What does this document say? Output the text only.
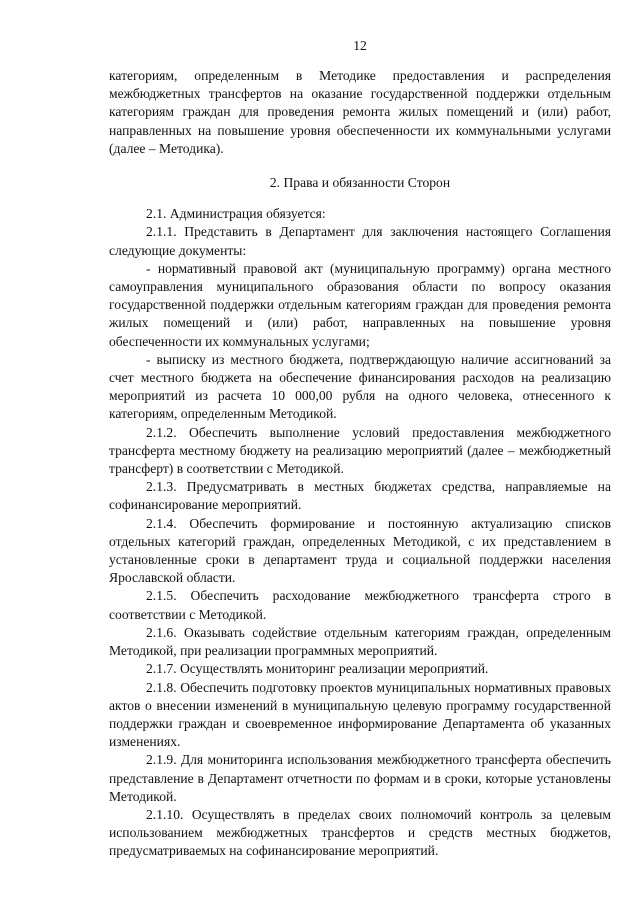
12

категориям, определенным в Методике предоставления и распределения межбюджетных трансфертов на оказание государственной поддержки отдельным категориям граждан для проведения ремонта жилых помещений и (или) работ, направленных на повышение уровня обеспеченности их коммунальными услугами (далее – Методика).

2. Права и обязанности Сторон

2.1. Администрация обязуется:

2.1.1. Представить в Департамент для заключения настоящего Соглашения следующие документы:

- нормативный правовой акт (муниципальную программу) органа местного самоуправления муниципального образования области по вопросу оказания государственной поддержки отдельным категориям граждан для проведения ремонта жилых помещений и (или) работ, направленных на повышение уровня обеспеченности их коммунальных услугами;

- выписку из местного бюджета, подтверждающую наличие ассигнований за счет местного бюджета на обеспечение финансирования расходов на реализацию мероприятий из расчета 10 000,00 рубля на одного человека, отнесенного к категориям, определенным Методикой.

2.1.2. Обеспечить выполнение условий предоставления межбюджетного трансферта местному бюджету на реализацию мероприятий (далее – межбюджетный трансферт) в соответствии с Методикой.

2.1.3. Предусматривать в местных бюджетах средства, направляемые на софинансирование мероприятий.

2.1.4. Обеспечить формирование и постоянную актуализацию списков отдельных категорий граждан, определенных Методикой, с их представлением в установленные сроки в департамент труда и социальной поддержки населения Ярославской области.

2.1.5. Обеспечить расходование межбюджетного трансферта строго в соответствии с Методикой.

2.1.6. Оказывать содействие отдельным категориям граждан, определенным Методикой, при реализации программных мероприятий.

2.1.7. Осуществлять мониторинг реализации мероприятий.

2.1.8. Обеспечить подготовку проектов муниципальных нормативных правовых актов о внесении изменений в муниципальную целевую программу государственной поддержки граждан и своевременное информирование Департамента об указанных изменениях.

2.1.9. Для мониторинга использования межбюджетного трансферта обеспечить представление в Департамент отчетности по формам и в сроки, которые установлены Методикой.

2.1.10. Осуществлять в пределах своих полномочий контроль за целевым использованием межбюджетных трансфертов и средств местных бюджетов, предусматриваемых на софинансирование мероприятий.
